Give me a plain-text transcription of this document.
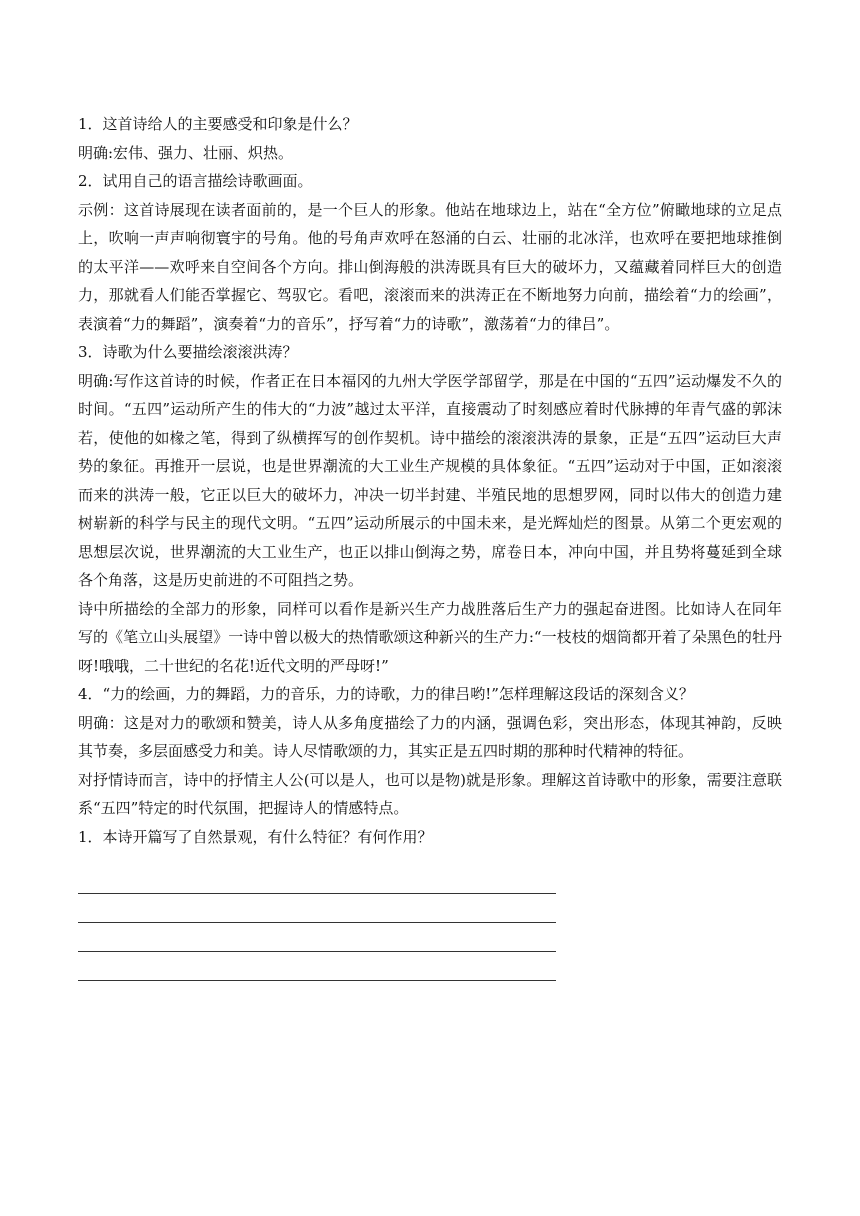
1．这首诗给人的主要感受和印象是什么？

明确:宏伟、强力、壮丽、炽热。

2．试用自己的语言描绘诗歌画面。

示例：这首诗展现在读者面前的，是一个巨人的形象。他站在地球边上，站在“全方位”俯瞰地球的立足点上，吹响一声声响彻寰宇的号角。他的号角声欢呼在怒涌的白云、壮丽的北冰洋，也欢呼在要把地球推倒的太平洋——欢呼来自空间各个方向。排山倒海般的洪涛既具有巨大的破坏力，又蕴藏着同样巨大的创造力，那就看人们能否掌握它、驾驭它。看吧，滚滚而来的洪涛正在不断地努力向前，描绘着“力的绘画”，表演着“力的舞蹈”，演奏着“力的音乐”，抒写着“力的诗歌”，激荡着“力的律吕”。

3．诗歌为什么要描绘滚滚洪涛？

明确:写作这首诗的时候，作者正在日本福冈的九州大学医学部留学，那是在中国的“五四”运动爆发不久的时间。“五四”运动所产生的伟大的“力波”越过太平洋，直接震动了时刻感应着时代脉搏的年青气盛的郭沫若，使他的如椽之笔，得到了纵横挥写的创作契机。诗中描绘的滚滚洪涛的景象，正是“五四”运动巨大声势的象征。再推开一层说，也是世界潮流的大工业生产规模的具体象征。“五四”运动对于中国，正如滚滚而来的洪涛一般，它正以巨大的破坏力，冲决一切半封建、半殖民地的思想罗网，同时以伟大的创造力建树崭新的科学与民主的现代文明。“五四”运动所展示的中国未来，是光辉灿烂的图景。从第二个更宏观的思想层次说，世界潮流的大工业生产，也正以排山倒海之势，席卷日本，冲向中国，并且势将蔓延到全球各个角落，这是历史前进的不可阻挡之势。

诗中所描绘的全部力的形象，同样可以看作是新兴生产力战胜落后生产力的强起奋进图。比如诗人在同年写的《笔立山头展望》一诗中曾以极大的热情歌颂这种新兴的生产力:“一枝枝的烟筒都开着了朵黑色的牡丹呀!哦哦，二十世纪的名花!近代文明的严母呀!”

4．“力的绘画，力的舞蹈，力的音乐，力的诗歌，力的律吕哟!”怎样理解这段话的深刻含义？

明确：这是对力的歌颂和赞美，诗人从多角度描绘了力的内涵，强调色彩，突出形态，体现其神韵，反映其节奏，多层面感受力和美。诗人尽情歌颂的力，其实正是五四时期的那种时代精神的特征。

对抒情诗而言，诗中的抒情主人公(可以是人，也可以是物)就是形象。理解这首诗歌中的形象，需要注意联系“五四”特定的时代氛围，把握诗人的情感特点。

1．本诗开篇写了自然景观，有什么特征？有何作用？
